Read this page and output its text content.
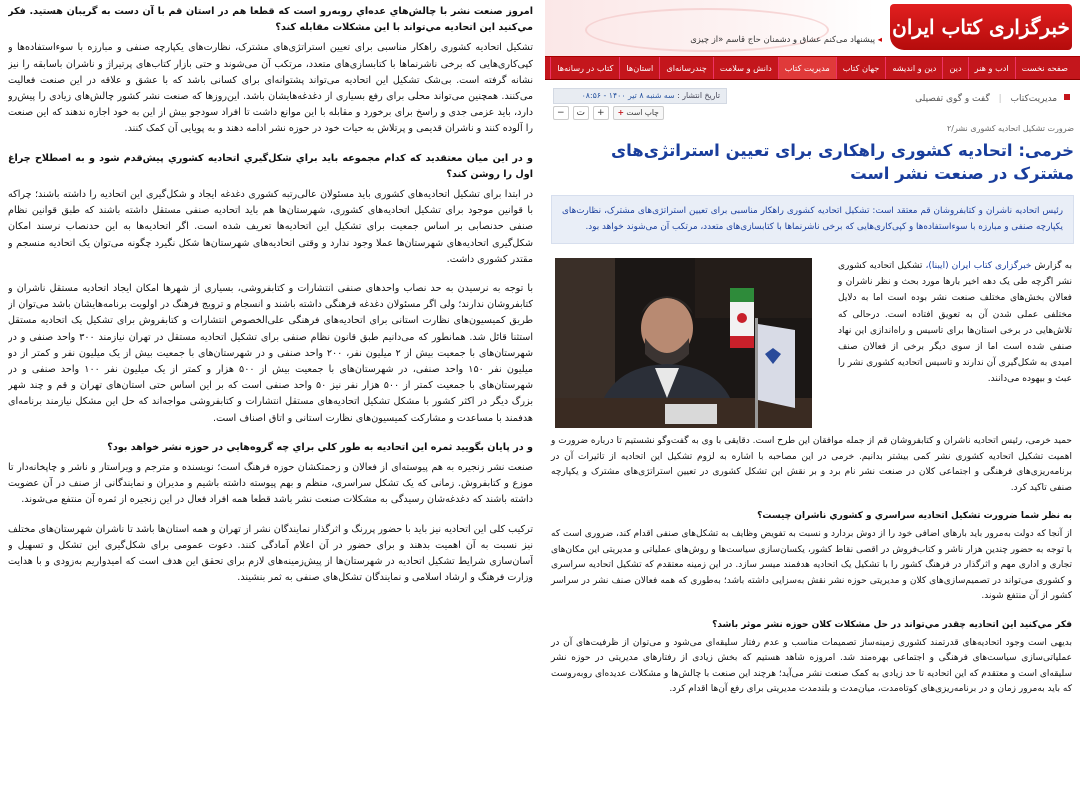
امروز صنعت نشر با چالش‌هاي عده‌اي روبه‌رو است كه قطعا هم در استان قم با آن دست به گريبان هستيد. فكر مي‌كنيد اين اتحاديه مي‌تواند با اين مشكلات مقابله كند؟

تشکیل اتحادیه کشوری راهکار مناسبی برای تعیین استراتژی‌های مشترک، نظارت‌های یکپارچه صنفی و مبارزه با سوءاستفاده‌ها و کپی‌کاری‌هایی که برخی ناشرنماها با کتابسازی‌های متعدد، مرتکب آن می‌شوند و حتی بازار کتاب‌های پرتیراژ و ناشران باسابقه را نیز نشانه گرفته است. بی‌شک تشکیل این اتحادیه می‌تواند پشتوانه‌ای برای کسانی باشد که با عشق و علاقه در این صنعت فعالیت می‌کنند. همچنین می‌تواند محلی برای رفع بسیاری از دغدغه‌هایشان باشد. این‌روزها که صنعت نشر کشور چالش‌های زیادی را پیش‌رو دارد، باید عزمی جدی و راسخ برای برخورد و مقابله با این موانع داشت تا افراد سودجو بیش از این به خود اجازه ندهند که این صنعت را آلوده کنند و ناشران قدیمی و پرتلاش به حیات خود در حوزه نشر ادامه دهند و به پویایی آن کمک کنند.

و در اين ميان معتقديد كه كدام مجموعه بايد براي شكل‌گيري اتحاديه كشوري پيش‌قدم شود و به اصطلاح چراغ اول را روشن كند؟

در ابتدا برای تشکیل اتحادیه‌های کشوری باید مسئولان عالی‌رتبه کشوری دغدغه ایجاد و شکل‌گیری این اتحادیه را داشته باشند؛ چراکه با قوانین موجود برای تشکیل اتحادیه‌های کشوری، شهرستان‌ها هم باید اتحادیه صنفی مستقل داشته باشند که طبق قوانین نظام صنفی حدنصابی بر اساس جمعیت برای تشکیل این اتحادیه‌ها تعریف شده است. اگر اتحادیه‌ها به این حدنصاب نرسند امکان شکل‌گیری اتحادیه‌های شهرستان‌ها عملا وجود ندارد و وقتی اتحادیه‌های شهرستان‌ها شکل نگیرد چگونه می‌توان یک اتحادیه منسجم و مقتدر کشوری داشت.

با توجه به نرسیدن به حد نصاب واحدهای صنفی انتشارات و کتابفروشی، بسیاری از شهرها امکان ایجاد اتحادیه مستقل ناشران و کتابفروشان ندارند؛ ولی اگر مسئولان دغدغه فرهنگی داشته باشند و انسجام و ترویج فرهنگ در اولویت برنامه‌هایشان باشد می‌توان از طریق کمیسیون‌های نظارت استانی برای اتحادیه‌های فرهنگی علی‌الخصوص انتشارات و کتابفروش برای تشکیل یک اتحادیه مستقل استثنا قائل شد. همانطور که می‌دانیم طبق قانون نظام صنفی برای تشکیل اتحادیه مستقل در تهران نیازمند ۳۰۰ واحد صنفی و در شهرستان‌های با جمعیت بیش از ۲ میلیون نفر، ۲۰۰ واحد صنفی و در شهرستان‌های با جمعیت بیش از یک میلیون نفر و کمتر از دو میلیون نفر ۱۵۰ واحد صنفی، در شهرستان‌های با جمعیت بیش از ۵۰۰ هزار و کمتر از یک میلیون نفر ۱۰۰ واحد صنفی و در شهرستان‌های با جمعیت کمتر از ۵۰۰ هزار نفر نیز ۵۰ واحد صنفی است که بر این اساس حتی استان‌های تهران و قم و چند شهر بزرگ دیگر در اکثر کشور با مشکل تشکیل اتحادیه‌های مستقل انتشارات و کتابفروشی مواجه‌اند که حل این مشکل نیازمند برنامه‌ای هدفمند با مساعدت و مشارکت کمیسیون‌های نظارت استانی و اتاق اصناف است.

و در پايان بگوييد ثمره اين اتحاديه به طور كلي براي چه گروه‌هايي در حوزه نشر خواهد بود؟

صنعت نشر زنجیره به هم پیوسته‌ای از فعالان و زحمتکشان حوزه فرهنگ است؛ نویسنده و مترجم و ویراستار و ناشر و چاپخانه‌دار تا موزع و کتابفروش. زمانی که یک تشکل سراسری، منظم و بهم پیوسته داشته باشیم و مدیران و نمایندگانی از صنف در آن عضویت داشته باشند که دغدغه‌شان رسیدگی به مشکلات صنعت نشر باشد قطعا همه افراد فعال در این زنجیره از ثمره آن منتفع می‌شوند.

ترکیب کلی این اتحادیه نیز باید با حضور پررنگ و اثرگذار نمایندگان نشر از تهران و همه استان‌ها باشد تا ناشران شهرستان‌های مختلف نیز نسبت به آن اهمیت بدهند و برای حضور در آن اعلام آمادگی کنند. دعوت عمومی برای شکل‌گیری این تشکل و تسهیل و آسان‌سازی شرایط تشکیل اتحادیه در شهرستان‌ها از پیش‌زمینه‌های لازم برای تحقق این هدف است که امیدواریم به‌زودی و با هدایت وزارت فرهنگ و ارشاد اسلامی و نمایندگان تشکل‌های صنفی به ثمر بنشیند.

خبرگزاری کتاب ایران
◂ پیشنهاد می‌کنم عشاق و دشمنان حاج قاسم «از چیزی
صفحه نخست
ادب و هنر
دین
دین و اندیشه
جهان کتاب
مدیریت کتاب
دانش و سلامت
چندرسانه‌ای
استان‌ها
کتاب در رسانه‌ها
مدیریت‌کتاب | گفت و گوی تفصیلی
تاریخ انتشار : سه شنبه ۸ تیر ۱۴۰۰ - ۰۸:۵۶
−	ت	+	+ چاپ است
ضرورت تشکیل اتحادیه کشوری نشر/۲
خرمی: اتحادیه کشوری راهکاری برای تعیین استراتژی‌های مشترک در صنعت نشر است
رئیس اتحادیه ناشران و کتابفروشان قم معتقد است: تشکیل اتحادیه کشوری راهکار مناسبی برای تعیین استراتژی‌های مشترک، نظارت‌های یکپارچه صنفی و مبارزه با سوءاستفاده‌ها و کپی‌کاری‌هایی که برخی ناشرنماها با کتابسازی‌های متعدد، مرتکب آن می‌شوند خواهد بود.
به گزارش خبرگزاری کتاب ایران (ایبنا)، تشکیل اتحادیه کشوری نشر اگرچه طی یک دهه اخیر بارها مورد بحث و نظر ناشران و فعالان بخش‌های مختلف صنعت نشر بوده است اما به دلایل مختلفی عملی شدن آن به تعویق افتاده است. درحالی که تلاش‌هایی در برخی استان‌ها برای تاسیس و راه‌اندازی این نهاد صنفی شده است اما از سوی دیگر برخی از فعالان صنف امیدی به شکل‌گیری آن ندارند و تاسیس اتحادیه کشوری نشر را عبث و بیهوده می‌دانند.

حمید خرمی، رئیس اتحادیه ناشران و کتابفروشان قم از جمله موافقان این طرح است. دقایقی با وی به گفت‌وگو نشستیم تا درباره ضرورت و اهمیت تشکیل اتحادیه کشوری نشر کمی بیشتر بدانیم. خرمی در این مصاحبه با اشاره به لزوم تشکیل این اتحادیه از تاثیرات آن در برنامه‌ریزی‌های فرهنگی و اجتماعی کلان در صنعت نشر نام برد و بر نقش این تشکل کشوری در تعیین استراتژی‌های مشترک و یکپارچه صنفی تاکید کرد.

به نظر شما ضرورت تشكيل اتحاديه سراسري و كشوري ناشران چيست؟

از آنجا که دولت به‌مرور باید بارهای اضافی خود را از دوش بردارد و نسبت به تفویض وظایف به تشکل‌های صنفی اقدام کند، ضروری است که با توجه به حضور چندین هزار ناشر و کتاب‌فروش در اقصی نقاط کشور، یکسان‌سازی سیاست‌ها و روش‌های عملیاتی و مدیریتی این مکان‌های تجاری و اداری مهم و اثرگذار در فرهنگ کشور را با تشکیل یک اتحادیه هدفمند میسر سازد. در این زمینه معتقدم که تشکیل اتحادیه سراسری و کشوری می‌تواند در تصمیم‌سازی‌های کلان و مدیریتی حوزه نشر نقش به‌سزایی داشته باشد؛ به‌طوری که همه فعالان صنف نشر در سراسر کشور از آن منتفع شوند.

فكر مي‌كنيد اين اتحاديه چقدر مي‌تواند در حل مشكلات كلان حوزه نشر موثر باشد؟

بدیهی است وجود اتحادیه‌های قدرتمند کشوری زمینه‌ساز تصمیمات مناسب و عدم رفتار سلیقه‌ای می‌شود و می‌توان از ظرفیت‌های آن در عملیاتی‌سازی سیاست‌های فرهنگی و اجتماعی بهره‌مند شد. امروزه شاهد هستیم که بخش زیادی از رفتارهای مدیریتی در حوزه نشر سلیقه‌ای است و معتقدم که این اتحادیه تا حد زیادی به کمک صنعت نشر می‌آید؛ هرچند این صنعت با چالش‌ها و مشکلات عدیده‌ای روبه‌روست که باید به‌مرور زمان و در برنامه‌ریزی‌های کوتاه‌مدت، میان‌مدت و بلندمدت مدیریتی برای رفع آن‌ها اقدام کرد.
